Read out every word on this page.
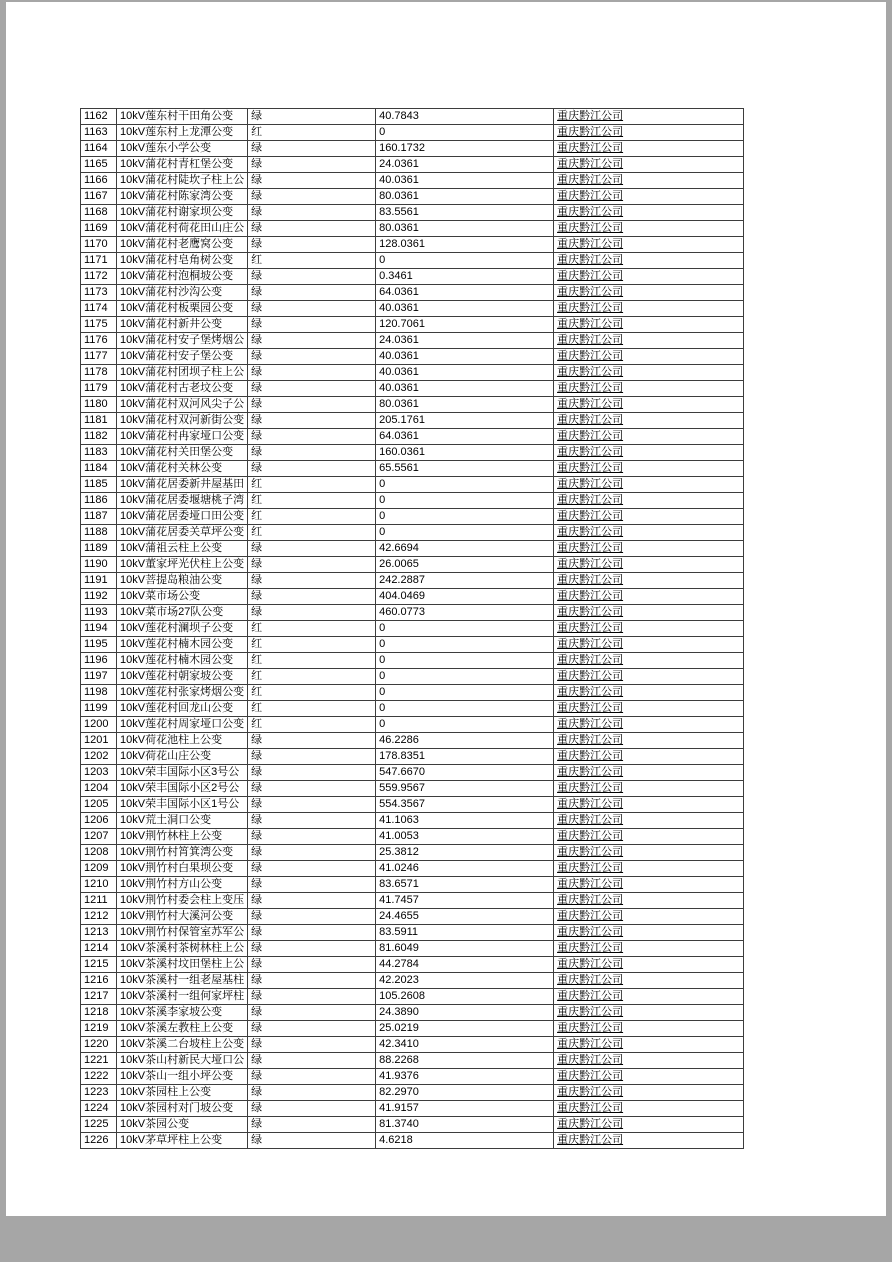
1162	10kV莲东村干田角公变	绿	40.7843	重庆黔江公司
1163	10kV莲东村上龙潭公变	红	0	重庆黔江公司
1164	10kV莲东小学公变	绿	160.1732	重庆黔江公司
1165	10kV蒲花村青杠堡公变	绿	24.0361	重庆黔江公司
1166	10kV蒲花村陡坎子柱上公	绿	40.0361	重庆黔江公司
1167	10kV蒲花村陈家湾公变	绿	80.0361	重庆黔江公司
1168	10kV蒲花村谢家坝公变	绿	83.5561	重庆黔江公司
1169	10kV蒲花村荷花田山庄公	绿	80.0361	重庆黔江公司
1170	10kV蒲花村老鹰窝公变	绿	128.0361	重庆黔江公司
1171	10kV蒲花村皂角树公变	红	0	重庆黔江公司
1172	10kV蒲花村泡桐坡公变	绿	0.3461	重庆黔江公司
1173	10kV蒲花村沙沟公变	绿	64.0361	重庆黔江公司
1174	10kV蒲花村板栗园公变	绿	40.0361	重庆黔江公司
1175	10kV蒲花村新井公变	绿	120.7061	重庆黔江公司
1176	10kV蒲花村安子堡烤烟公	绿	24.0361	重庆黔江公司
1177	10kV蒲花村安子堡公变	绿	40.0361	重庆黔江公司
1178	10kV蒲花村团坝子柱上公	绿	40.0361	重庆黔江公司
1179	10kV蒲花村古老坟公变	绿	40.0361	重庆黔江公司
1180	10kV蒲花村双河风尖子公	绿	80.0361	重庆黔江公司
1181	10kV蒲花村双河新街公变	绿	205.1761	重庆黔江公司
1182	10kV蒲花村冉家垭口公变	绿	64.0361	重庆黔江公司
1183	10kV蒲花村关田堡公变	绿	160.0361	重庆黔江公司
1184	10kV蒲花村关林公变	绿	65.5561	重庆黔江公司
1185	10kV蒲花居委新井屋基田	红	0	重庆黔江公司
1186	10kV蒲花居委堰塘桃子湾	红	0	重庆黔江公司
1187	10kV蒲花居委垭口田公变	红	0	重庆黔江公司
1188	10kV蒲花居委关草坪公变	红	0	重庆黔江公司
1189	10kV蒲祖云柱上公变	绿	42.6694	重庆黔江公司
1190	10kV董家坪光伏柱上公变	绿	26.0065	重庆黔江公司
1191	10kV菩提岛粮油公变	绿	242.2887	重庆黔江公司
1192	10kV菜市场公变	绿	404.0469	重庆黔江公司
1193	10kV菜市场27队公变	绿	460.0773	重庆黔江公司
1194	10kV莲花村澜坝子公变	红	0	重庆黔江公司
1195	10kV莲花村楠木园公变	红	0	重庆黔江公司
1196	10kV莲花村楠木园公变	红	0	重庆黔江公司
1197	10kV莲花村朝家坡公变	红	0	重庆黔江公司
1198	10kV莲花村张家烤烟公变	红	0	重庆黔江公司
1199	10kV莲花村回龙山公变	红	0	重庆黔江公司
1200	10kV莲花村周家垭口公变	红	0	重庆黔江公司
1201	10kV荷花池柱上公变	绿	46.2286	重庆黔江公司
1202	10kV荷花山庄公变	绿	178.8351	重庆黔江公司
1203	10kV荣丰国际小区3号公	绿	547.6670	重庆黔江公司
1204	10kV荣丰国际小区2号公	绿	559.9567	重庆黔江公司
1205	10kV荣丰国际小区1号公	绿	554.3567	重庆黔江公司
1206	10kV荒土洞口公变	绿	41.1063	重庆黔江公司
1207	10kV荆竹林柱上公变	绿	41.0053	重庆黔江公司
1208	10kV荆竹村筲箕湾公变	绿	25.3812	重庆黔江公司
1209	10kV荆竹村白果坝公变	绿	41.0246	重庆黔江公司
1210	10kV荆竹村方山公变	绿	83.6571	重庆黔江公司
1211	10kV荆竹村委会柱上变压	绿	41.7457	重庆黔江公司
1212	10kV荆竹村大溪河公变	绿	24.4655	重庆黔江公司
1213	10kV荆竹村保管室苏军公	绿	83.5911	重庆黔江公司
1214	10kV茶溪村茶树林柱上公	绿	81.6049	重庆黔江公司
1215	10kV茶溪村坟田堡柱上公	绿	44.2784	重庆黔江公司
1216	10kV茶溪村一组老屋基柱	绿	42.2023	重庆黔江公司
1217	10kV茶溪村一组何家坪柱	绿	105.2608	重庆黔江公司
1218	10kV茶溪李家坡公变	绿	24.3890	重庆黔江公司
1219	10kV茶溪左教柱上公变	绿	25.0219	重庆黔江公司
1220	10kV茶溪二台坡柱上公变	绿	42.3410	重庆黔江公司
1221	10kV茶山村新民大垭口公	绿	88.2268	重庆黔江公司
1222	10kV茶山一组小坪公变	绿	41.9376	重庆黔江公司
1223	10kV茶园柱上公变	绿	82.2970	重庆黔江公司
1224	10kV茶园村对门坡公变	绿	41.9157	重庆黔江公司
1225	10kV茶园公变	绿	81.3740	重庆黔江公司
1226	10kV茅草坪柱上公变	绿	4.6218	重庆黔江公司
